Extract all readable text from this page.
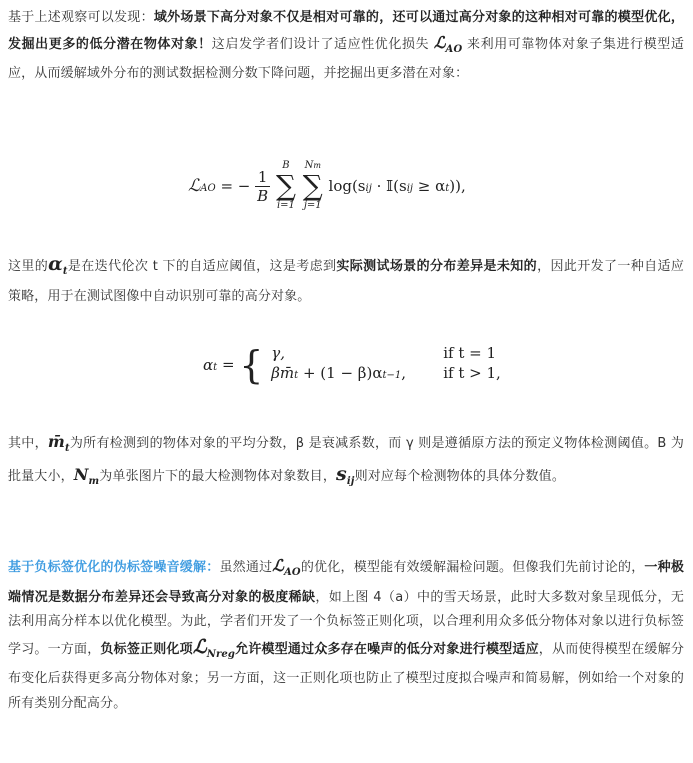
基于上述观察可以发现：域外场景下高分对象不仅是相对可靠的，还可以通过高分对象的这种相对可靠的模型优化，发掘出更多的低分潜在物体对象！这启发学者们设计了适应性优化损失 ℒ$_{AO}$ 来利用可靠物体对象子集进行模型适应，从而缓解域外分布的测试数据检测分数下降问题，并挖掘出更多潜在对象：

ℒAO = − $\frac{1}{B}$

B
∑
i=1

Nm
∑
j=1
log(sij · 𝕀(sij ≥ αt)),

这里的$\alpha_t$是在迭代伦次 t 下的自适应阈值，这是考虑到实际测试场景的分布差异是未知的，因此开发了一种自适应策略，用于在测试图像中自动识别可靠的高分对象。

αt = { γ,	if t = 1
βm̄t + (1 − β)αt−1, if t > 1,

其中，$m̄_t$为所有检测到的物体对象的平均分数，β 是衰减系数，而 γ 则是遵循原方法的预定义物体检测阈值。B 为批量大小，$N_m$为单张图片下的最大检测物体对象数目，$s_{ij}$则对应每个检测物体的具体分数值。

基于负标签优化的伪标签噪音缓解：虽然通过ℒ$_{AO}$的优化，模型能有效缓解漏检问题。但像我们先前讨论的，一种极端情况是数据分布差异还会导致高分对象的极度稀缺，如上图 4（a）中的雪天场景，此时大多数对象呈现低分，无法利用高分样本以优化模型。为此，学者们开发了一个负标签正则化项，以合理利用众多低分物体对象以进行负标签学习。一方面，负标签正则化项ℒ$_{Nreg}$允许模型通过众多存在噪声的低分对象进行模型适应，从而使得模型在缓解分布变化后获得更多高分物体对象；另一方面，这一正则化项也防止了模型过度拟合噪声和简易解，例如给一个对象的所有类别分配高分。
